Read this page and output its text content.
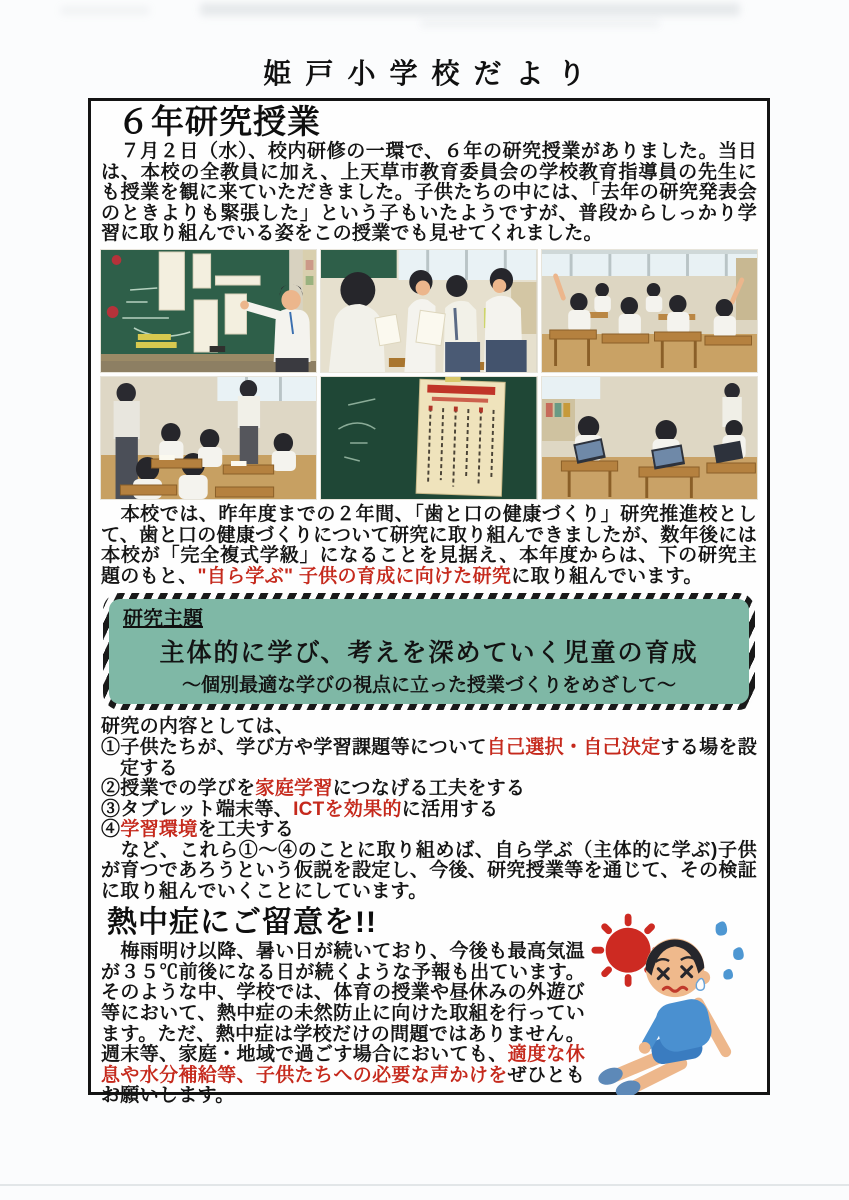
姫戸小学校だより
６年研究授業

　７月２日（水）、校内研修の一環で、６年の研究授業がありました。当日は、本校の全教員に加え、上天草市教育委員会の学校教育指導員の先生にも授業を観に来ていただきました。子供たちの中には、「去年の研究発表会のときよりも緊張した」という子もいたようですが、普段からしっかり学習に取り組んでいる姿をこの授業でも見せてくれました。

　本校では、昨年度までの２年間、「歯と口の健康づくり」研究推進校として、歯と口の健康づくりについて研究に取り組んできましたが、数年後には本校が「完全複式学級」になることを見据え、本年度からは、下の研究主題のもと、"自ら学ぶ" 子供の育成に向けた研究に取り組んでいます。

研究主題
主体的に学び、考えを深めていく児童の育成
～個別最適な学びの視点に立った授業づくりをめざして～

研究の内容としては、

①子供たちが、学び方や学習課題等について自己選択・自己決定する場を設定する

②授業での学びを家庭学習につなげる工夫をする

③タブレット端末等、ICTを効果的に活用する

④学習環境を工夫する

　など、これら①～④のことに取り組めば、自ら学ぶ（主体的に学ぶ)子供が育つであろうという仮説を設定し、今後、研究授業等を通じて、その検証に取り組んでいくことにしています。

熱中症にご留意を!!

　梅雨明け以降、暑い日が続いており、今後も最高気温が３５℃前後になる日が続くような予報も出ています。そのような中、学校では、体育の授業や昼休みの外遊び等において、熱中症の未然防止に向けた取組を行っています。ただ、熱中症は学校だけの問題ではありません。週末等、家庭・地域で過ごす場合においても、適度な休息や水分補給等、子供たちへの必要な声かけをぜひともお願いします。
